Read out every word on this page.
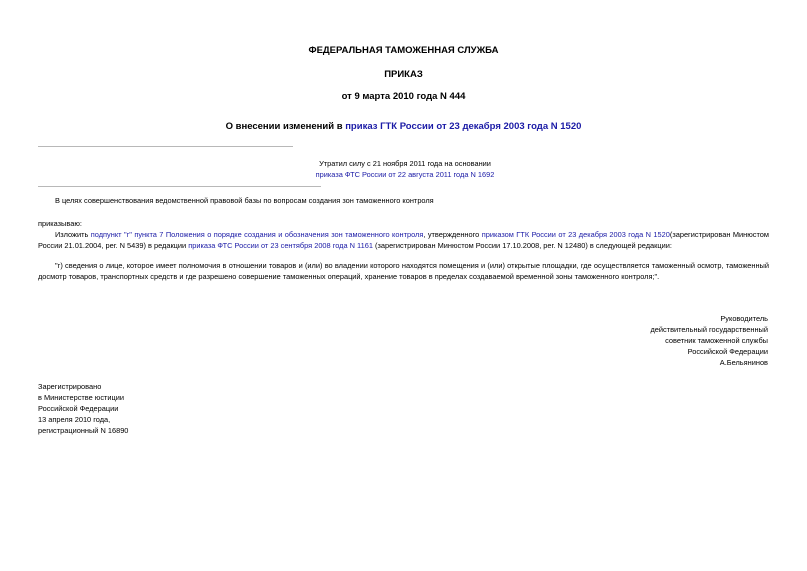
ФЕДЕРАЛЬНАЯ ТАМОЖЕННАЯ СЛУЖБА
ПРИКАЗ
от 9 марта 2010 года N 444
О внесении изменений в приказ ГТК России от 23 декабря 2003 года N 1520
Утратил силу с 21 ноября 2011 года на основании
приказа ФТС России от 22 августа 2011 года N 1692
В целях совершенствования ведомственной правовой базы по вопросам создания зон таможенного контроля
приказываю:
Изложить подпункт "г" пункта 7 Положения о порядке создания и обозначения зон таможенного контроля, утвержденного приказом ГТК России от 23 декабря 2003 года N 1520(зарегистрирован Минюстом России 21.01.2004, рег. N 5439) в редакции приказа ФТС России от 23 сентября 2008 года N 1161 (зарегистрирован Минюстом России 17.10.2008, рег. N 12480) в следующей редакции:
"г) сведения о лице, которое имеет полномочия в отношении товаров и (или) во владении которого находятся помещения и (или) открытые площадки, где осуществляется таможенный осмотр, таможенный досмотр товаров, транспортных средств и где разрешено совершение таможенных операций, хранение товаров в пределах создаваемой временной зоны таможенного контроля;".
Руководитель
действительный государственный
советник таможенной службы
Российской Федерации
А.Бельянинов
Зарегистрировано
в Министерстве юстиции
Российской Федерации
13 апреля 2010 года,
регистрационный N 16890
